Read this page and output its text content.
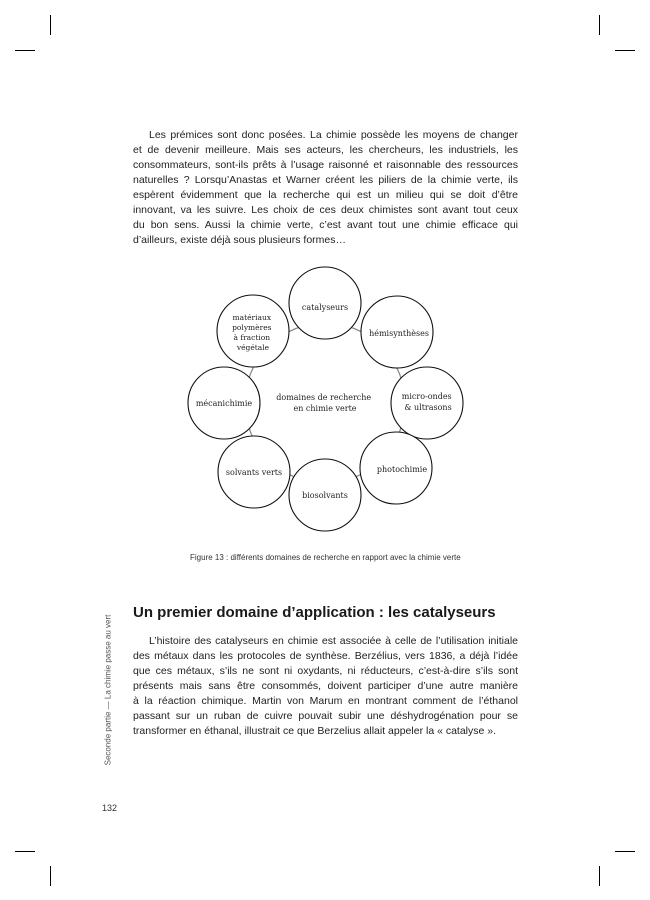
Les prémices sont donc posées. La chimie possède les moyens de changer
et de devenir meilleure. Mais ses acteurs, les chercheurs, les industriels, les
consommateurs, sont-ils prêts à l’usage raisonné et raisonnable des ressources
naturelles ? Lorsqu’Anastas et Warner créent les piliers de la chimie verte, ils
espèrent évidemment que la recherche qui est un milieu qui se doit d’être
innovant, va les suivre. Les choix de ces deux chimistes sont avant tout ceux
du bon sens. Aussi la chimie verte, c’est avant tout une chimie efficace qui
d’ailleurs, existe déjà sous plusieurs formes…
domaines de recherche en chimie verte
catalyseurs
hémisynthèses
micro-ondes & ultrasons
photochimie
biosolvants
solvants verts
mécanichimie
matériaux polymères à fraction végétale
Figure 13 : différents domaines de recherche en rapport avec la chimie verte
Un premier domaine d’application : les catalyseurs
L’histoire des catalyseurs en chimie est associée à celle de l’utilisation initiale
des métaux dans les protocoles de synthèse. Berzélius, vers 1836, a déjà l’idée
que ces métaux, s’ils ne sont ni oxydants, ni réducteurs, c’est-à-dire s’ils sont
présents mais sans être consommés, doivent participer d’une autre manière
à la réaction chimique. Martin von Marum en montrant comment de l’éthanol
passant sur un ruban de cuivre pouvait subir une déshydrogénation pour se
transformer en éthanal, illustrait ce que Berzelius allait appeler la « catalyse ».
Seconde partie — La chimie passe au vert
132
